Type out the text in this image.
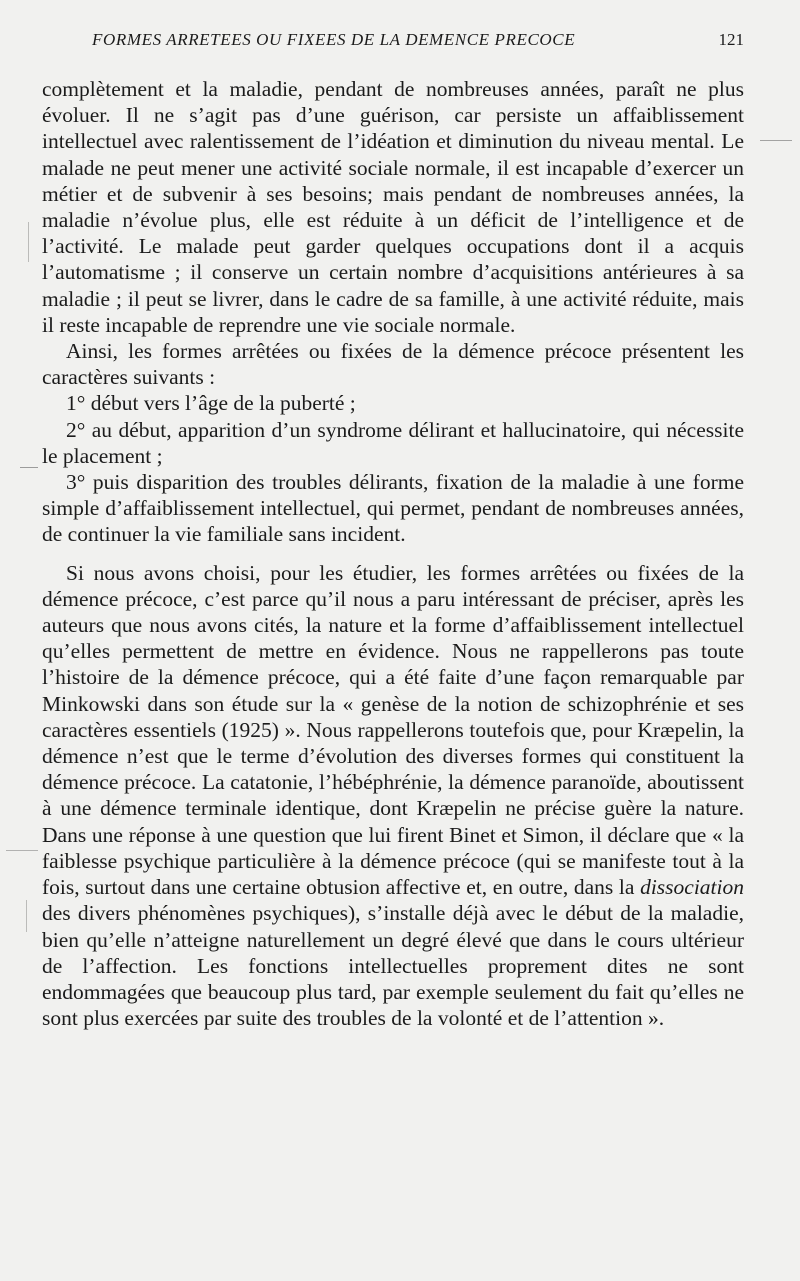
FORMES ARRETEES OU FIXEES DE LA DEMENCE PRECOCE	121

complètement et la maladie, pendant de nombreuses années, paraît ne plus évoluer. Il ne s’agit pas d’une guérison, car persiste un affaiblissement intellectuel avec ralentissement de l’idéation et diminution du niveau mental. Le malade ne peut mener une activité sociale normale, il est incapable d’exercer un métier et de subvenir à ses besoins; mais pendant de nombreuses années, la maladie n’évolue plus, elle est réduite à un déficit de l’intelligence et de l’activité. Le malade peut garder quelques occupations dont il a acquis l’automatisme ; il conserve un certain nombre d’acquisitions antérieures à sa maladie ; il peut se livrer, dans le cadre de sa famille, à une activité réduite, mais il reste incapable de reprendre une vie sociale normale.

Ainsi, les formes arrêtées ou fixées de la démence précoce présentent les caractères suivants :

1° début vers l’âge de la puberté ;

2° au début, apparition d’un syndrome délirant et hallucinatoire, qui nécessite le placement ;

3° puis disparition des troubles délirants, fixation de la maladie à une forme simple d’affaiblissement intellectuel, qui permet, pendant de nombreuses années, de continuer la vie familiale sans incident.

Si nous avons choisi, pour les étudier, les formes arrêtées ou fixées de la démence précoce, c’est parce qu’il nous a paru intéressant de préciser, après les auteurs que nous avons cités, la nature et la forme d’affaiblissement intellectuel qu’elles permettent de mettre en évidence. Nous ne rappellerons pas toute l’histoire de la démence précoce, qui a été faite d’une façon remarquable par Minkowski dans son étude sur la « genèse de la notion de schizophrénie et ses caractères essentiels (1925) ». Nous rappellerons toutefois que, pour Kræpelin, la démence n’est que le terme d’évolution des diverses formes qui constituent la démence précoce. La catatonie, l’hébéphrénie, la démence paranoïde, aboutissent à une démence terminale identique, dont Kræpelin ne précise guère la nature. Dans une réponse à une question que lui firent Binet et Simon, il déclare que « la faiblesse psychique particulière à la démence précoce (qui se manifeste tout à la fois, surtout dans une certaine obtusion affective et, en outre, dans la dissociation des divers phénomènes psychiques), s’installe déjà avec le début de la maladie, bien qu’elle n’atteigne naturellement un degré élevé que dans le cours ultérieur de l’affection. Les fonctions intellectuelles proprement dites ne sont endommagées que beaucoup plus tard, par exemple seulement du fait qu’elles ne sont plus exercées par suite des troubles de la volonté et de l’attention ».
